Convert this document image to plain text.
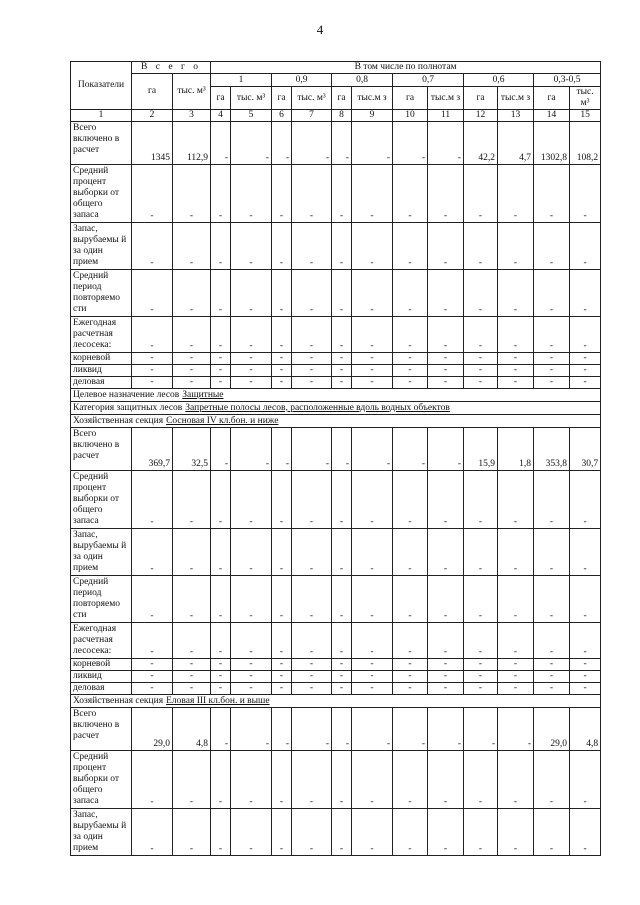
4
Показатели	В с е г о		В том числе по полнотам											
	га	тыс. м³	1		0,9		0,8		0,7		0,6		0,3-0,5	
			га	тыс. м³	га	тыс. м³	га	тыс.м з	га	тыс.м з	га	тыс.м з	га	тыс. м³
1	2	3	4	5	6	7	8	9	10	11	12	13	14	15
Всего включено в расчет	1345	112,9	-	-	-	-	-	-	-	-	42,2	4,7	1302,8	108,2
Средний процент выборки от общего запаса	-	-	-	-	-	-	-	-	-	-	-	-	-	-
Запас, вырубаемы й за один прием	-	-	-	-	-	-	-	-	-	-	-	-	-	-
Средний период повторяемо сти	-	-	-	-	-	-	-	-	-	-	-	-	-	-
Ежегодная расчетная лесосека:	-	-	-	-	-	-	-	-	-	-	-	-	-	-
корневой	-	-	-	-	-	-	-	-	-	-	-	-	-	-
ликвид	-	-	-	-	-	-	-	-	-	-	-	-	-	-
деловая	-	-	-	-	-	-	-	-	-	-	-	-	-	-
Целевое назначение лесов Защитные														
Категория защитных лесов Запретные полосы лесов, расположенные вдоль водных объектов														
Хозяйственная секция Сосновая IV кл.бон. и ниже														
Всего включено в расчет	369,7	32,5	-	-	-	-	-	-	-	-	15,9	1,8	353,8	30,7
Средний процент выборки от общего запаса	-	-	-	-	-	-	-	-	-	-	-	-	-	-
Запас, вырубаемы й за один прием	-	-	-	-	-	-	-	-	-	-	-	-	-	-
Средний период повторяемо сти	-	-	-	-	-	-	-	-	-	-	-	-	-	-
Ежегодная расчетная лесосека:	-	-	-	-	-	-	-	-	-	-	-	-	-	-
корневой	-	-	-	-	-	-	-	-	-	-	-	-	-	-
ликвид	-	-	-	-	-	-	-	-	-	-	-	-	-	-
деловая	-	-	-	-	-	-	-	-	-	-	-	-	-	-
Хозяйственная секция Еловая III кл.бон. и выше														
Всего включено в расчет	29,0	4,8	-	-	-	-	-	-	-	-	-	-	29,0	4,8
Средний процент выборки от общего запаса	-	-	-	-	-	-	-	-	-	-	-	-	-	-
Запас, вырубаемы й за один прием	-	-	-	-	-	-	-	-	-	-	-	-	-	-
